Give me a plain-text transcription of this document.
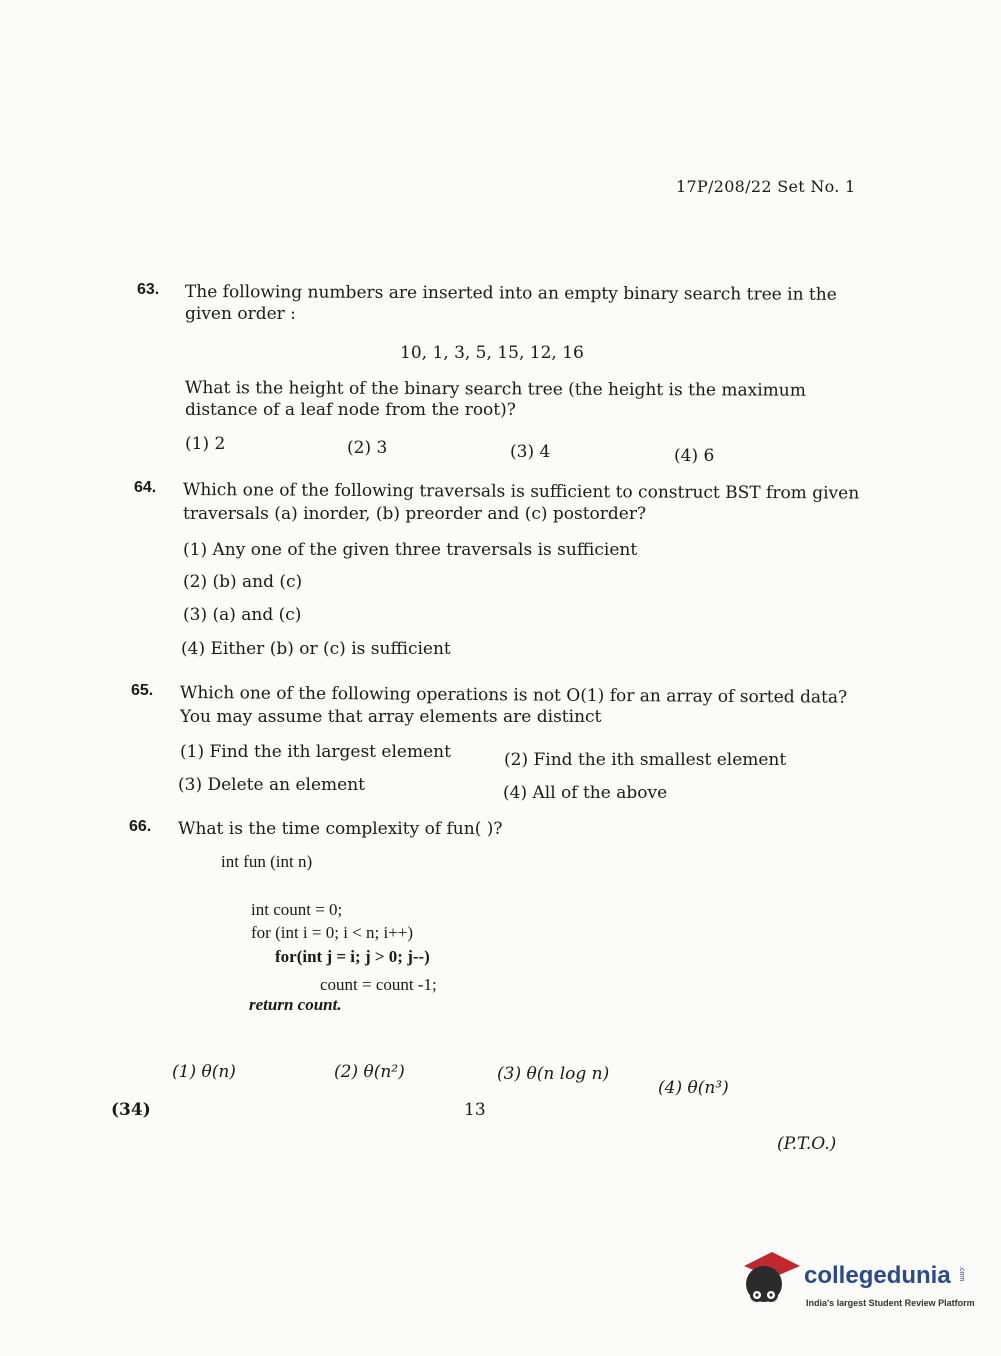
17P/208/22 Set No. 1
63. The following numbers are inserted into an empty binary search tree in the
given order :
10, 1, 3, 5, 15, 12, 16
What is the height of the binary search tree (the height is the maximum
distance of a leaf node from the root)?
(1) 2	(2) 3	(3) 4	(4) 6
64. Which one of the following traversals is sufficient to construct BST from given
traversals (a) inorder, (b) preorder and (c) postorder?
(1) Any one of the given three traversals is sufficient
(2) (b) and (c)
(3) (a) and (c)
(4) Either (b) or (c) is sufficient
65. Which one of the following operations is not O(1) for an array of sorted data?
You may assume that array elements are distinct
(1) Find the ith largest element	(2) Find the ith smallest element
(3) Delete an element	(4) All of the above
66. What is the time complexity of fun( )?
int fun (int n)
int count = 0;
for (int i = 0; i < n; i++)
for(int j = i; j > 0; j--)
count = count -1;
return count.
(1) θ(n)	(2) θ(n²)	(3) θ(n log n)
(4) θ(n³)
(34)	13
(P.T.O.)
collegedunia .com
India's largest Student Review Platform
